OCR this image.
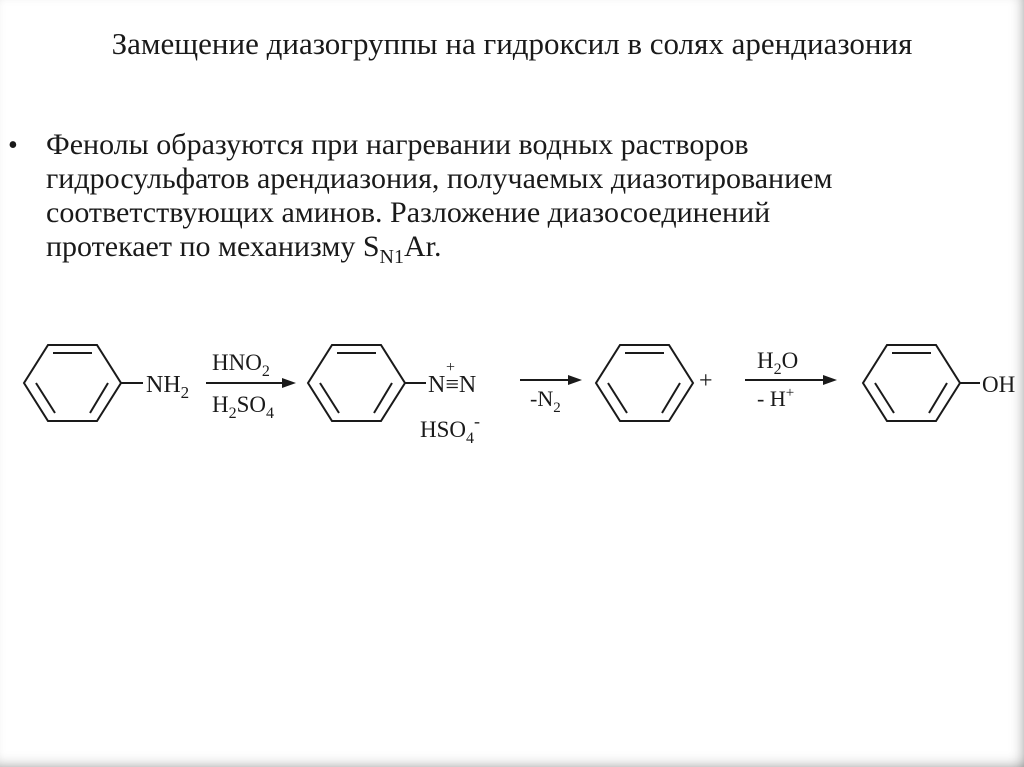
Замещение диазогруппы на гидроксил в солях арендиазония
• Фенолы образуются при нагревании водных растворов
гидросульфатов арендиазония, получаемых диазотированием
соответствующих аминов. Разложение диазосоединений
протекает по механизму $S_{N1}Ar$.
$NH_2$
$HNO_2$
$H_2SO_4$
+
N≡N
$HSO_4^-$
$-N_2$
+
$H_2O$
- H+	OH
